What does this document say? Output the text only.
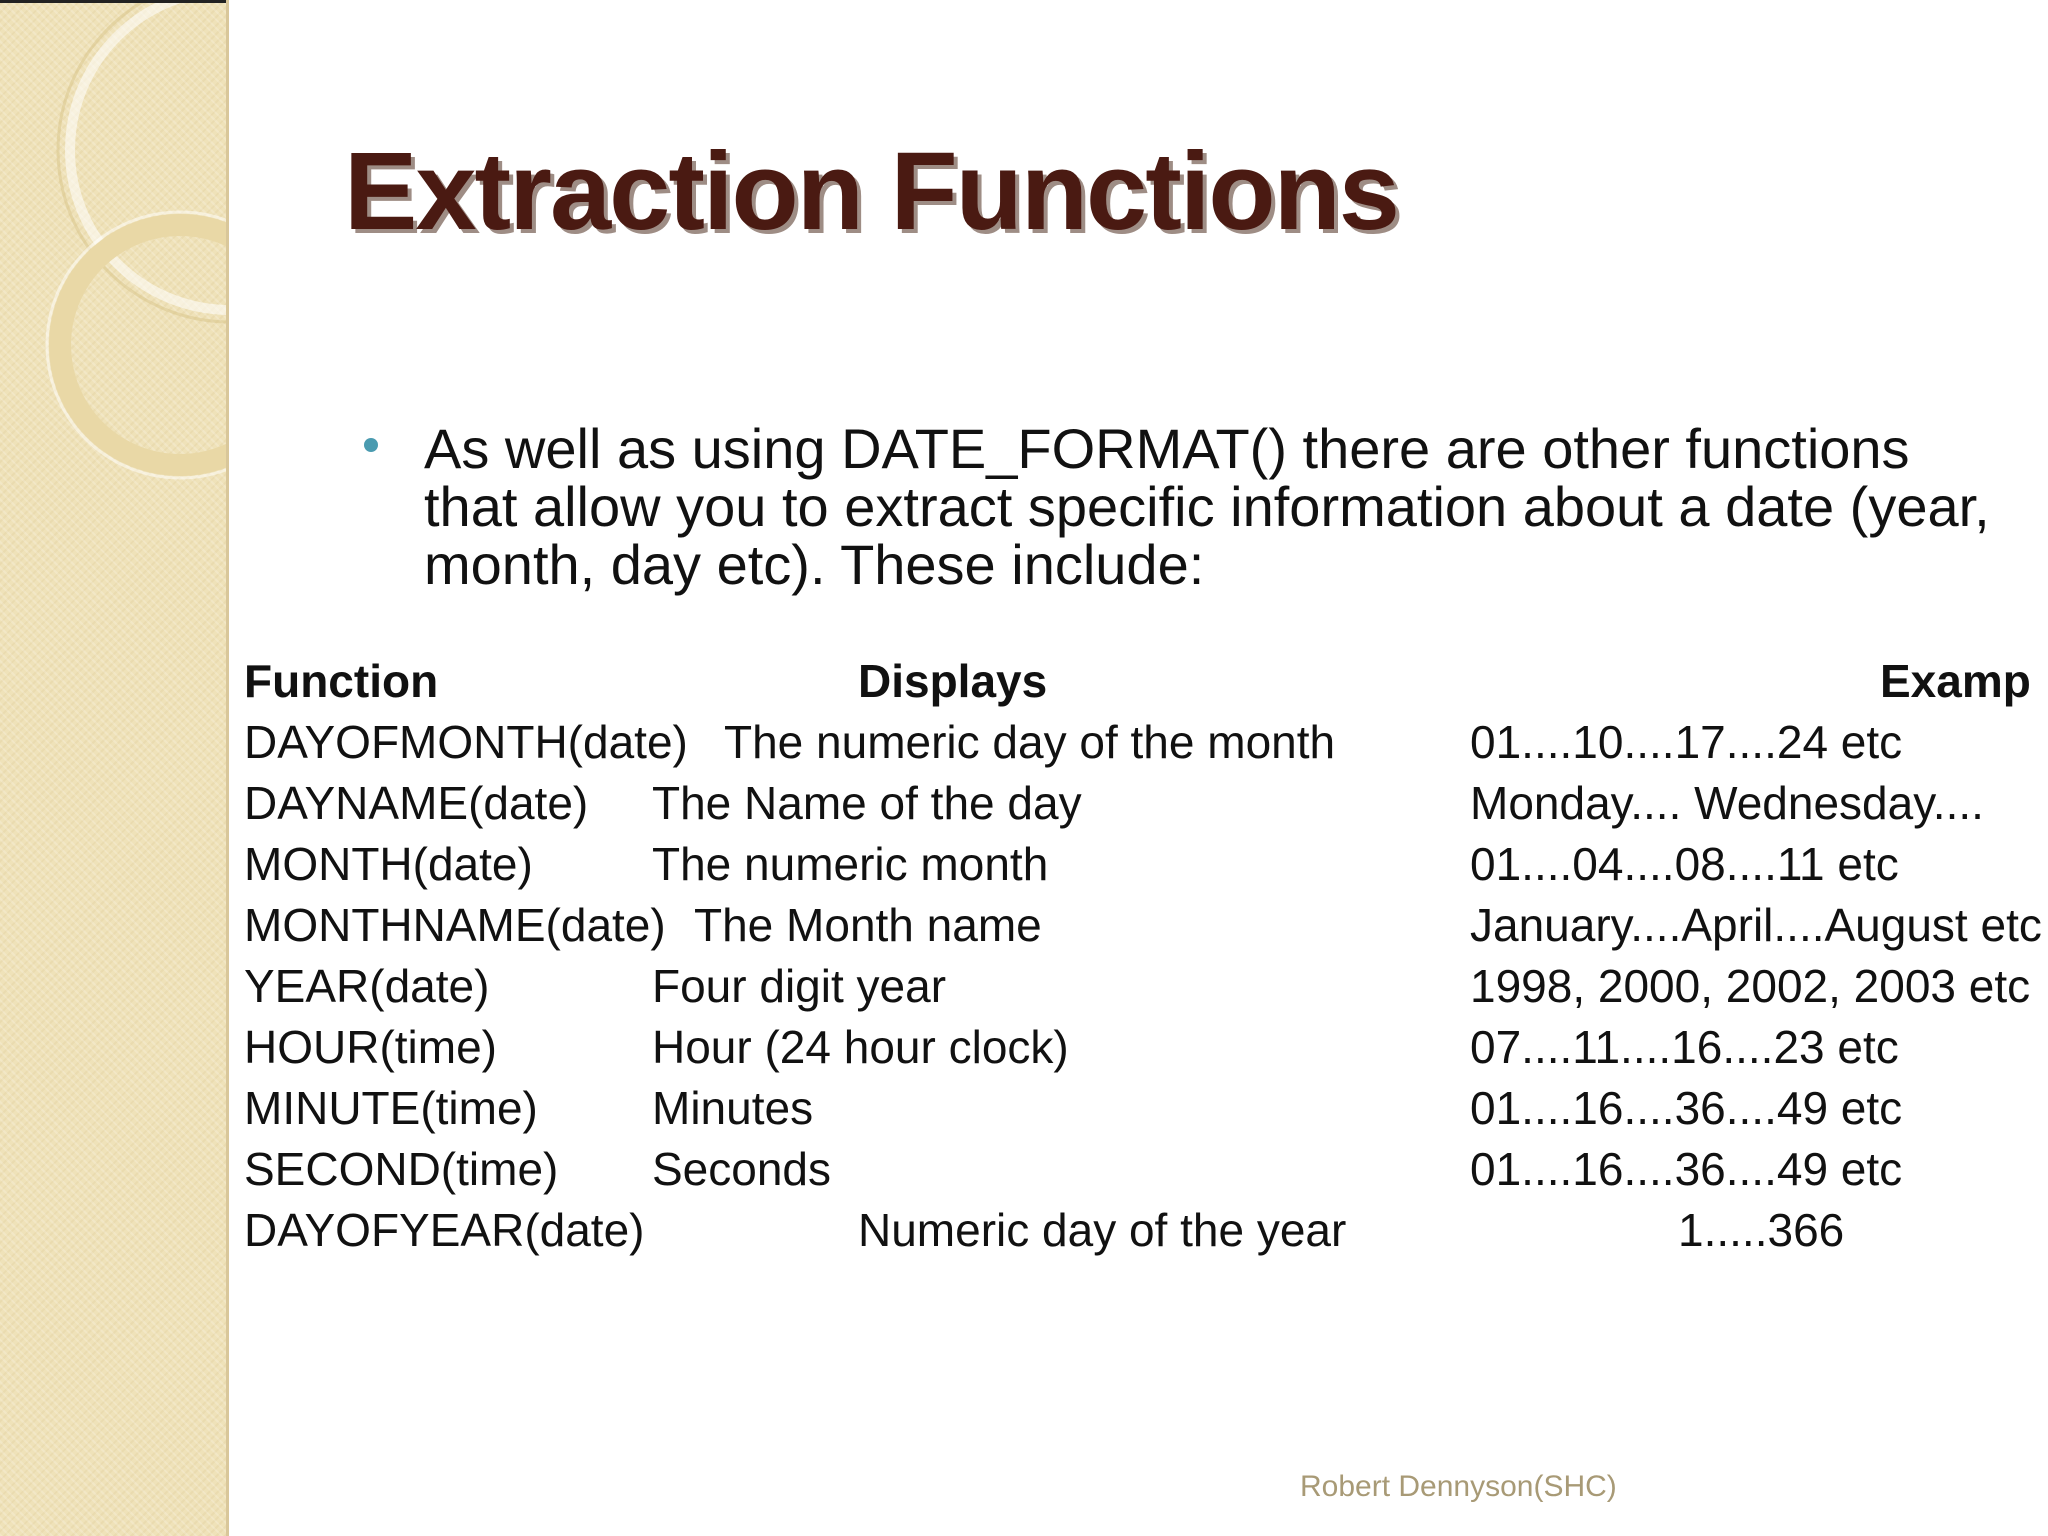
Extraction Functions

As well as using DATE_FORMAT() there are other functions that allow you to extract specific information about a date (year, month, day etc). These include:

Function	Displays	Examp
DAYOFMONTH(date) The numeric day of the month	01....10....17....24 etc
DAYNAME(date) The Name of the day	Monday.... Wednesday....
MONTH(date)	The numeric month	01....04....08....11 etc
MONTHNAME(date) The Month name	January....April....August etc
YEAR(date)	Four digit year	1998, 2000, 2002, 2003 etc
HOUR(time)	Hour (24 hour clock)	07....11....16....23 etc
MINUTE(time) Minutes	01....16....36....49 etc
SECOND(time) Seconds	01....16....36....49 etc
DAYOFYEAR(date)	Numeric day of the year	1.....366
Robert Dennyson(SHC)
